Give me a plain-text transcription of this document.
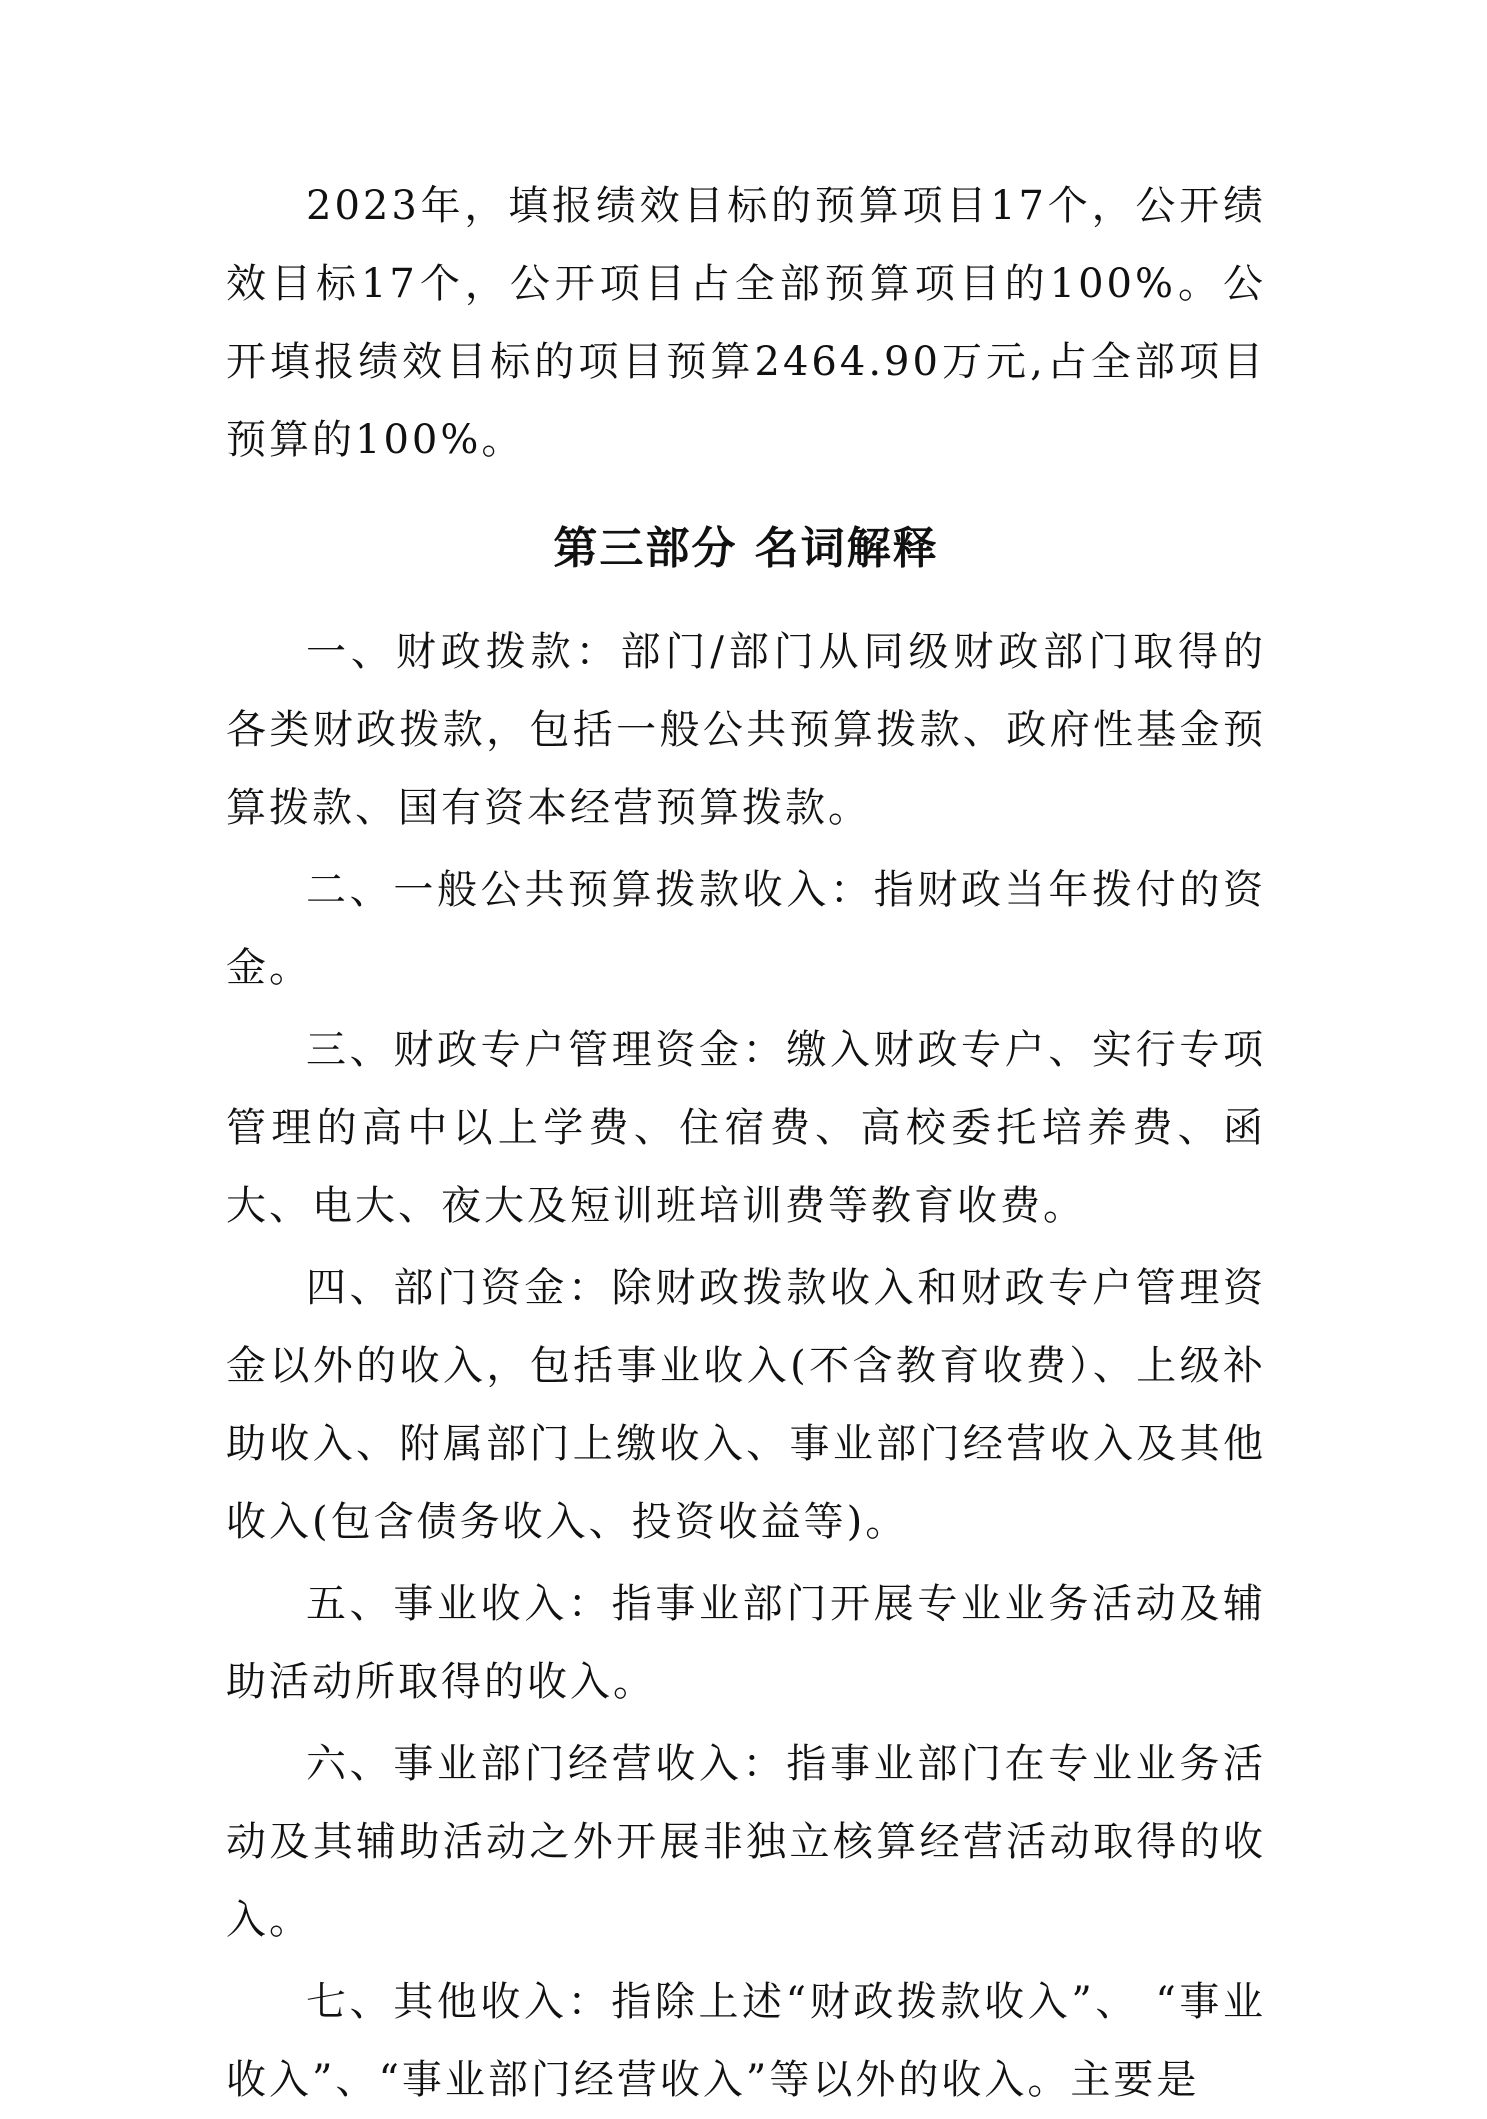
2023年，填报绩效目标的预算项目17个，公开绩效目标17个，公开项目占全部预算项目的100%。公开填报绩效目标的项目预算2464.90万元,占全部项目预算的100%。

第三部分 名词解释

一、财政拨款：部门/部门从同级财政部门取得的各类财政拨款，包括一般公共预算拨款、政府性基金预算拨款、国有资本经营预算拨款。

二、一般公共预算拨款收入：指财政当年拨付的资金。

三、财政专户管理资金：缴入财政专户、实行专项管理的高中以上学费、住宿费、高校委托培养费、函大、电大、夜大及短训班培训费等教育收费。

四、部门资金：除财政拨款收入和财政专户管理资金以外的收入，包括事业收入(不含教育收费）、上级补助收入、附属部门上缴收入、事业部门经营收入及其他收入(包含债务收入、投资收益等)。

五、事业收入：指事业部门开展专业业务活动及辅助活动所取得的收入。

六、事业部门经营收入：指事业部门在专业业务活动及其辅助活动之外开展非独立核算经营活动取得的收入。

七、其他收入：指除上述“财政拨款收入”、 “事业收入”、“事业部门经营收入”等以外的收入。主要是
